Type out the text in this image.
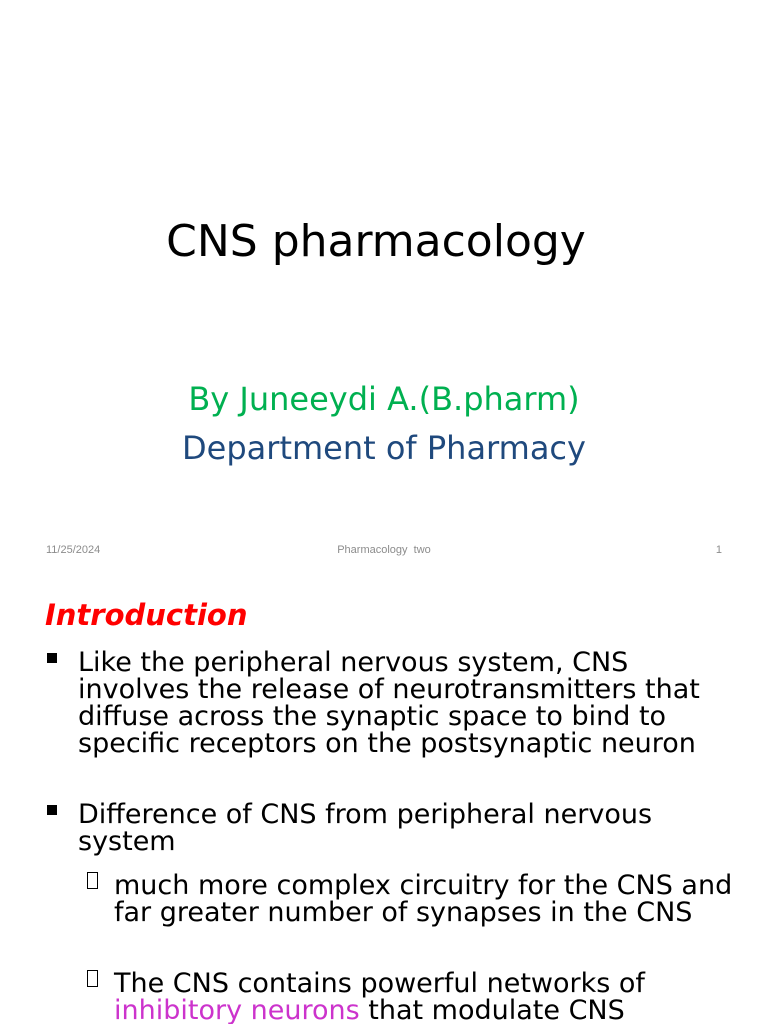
CNS pharmacology
By Juneeydi A.(B.pharm)
Department of Pharmacy
11/25/2024	Pharmacology  two	1
Introduction
Like the peripheral nervous system, CNS involves the release of neurotransmitters that diffuse across the synaptic space to bind to specific receptors on the postsynaptic neuron
Difference of CNS from peripheral nervous system
much more complex circuitry for the CNS and far greater number of synapses in the CNS
The CNS contains powerful networks of inhibitory neurons that modulate CNS
